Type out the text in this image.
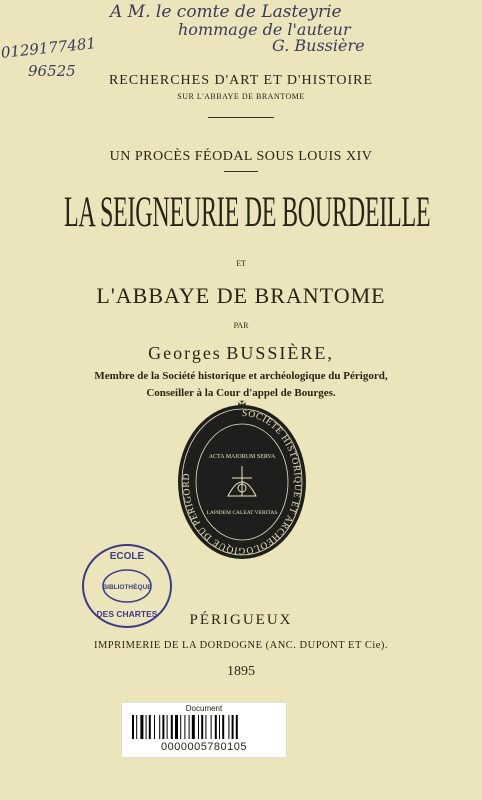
A M. le comte de Lasteyrie
hommage de l'auteur
G. Bussière
0129177481
96525
RECHERCHES D'ART ET D'HISTOIRE
SUR L'ABBAYE DE BRANTOME
UN PROCÈS FÉODAL SOUS LOUIS XIV
LA SEIGNEURIE DE BOURDEILLE
ET
L'ABBAYE DE BRANTOME
PAR
Georges BUSSIÈRE,
Membre de la Société historique et archéologique du Périgord,
Conseiller à la Cour d'appel de Bourges.
SOCIETE HISTORIQUE ET ARCHEOLOGIQUE DU PERIGORD
✠
ACTA MAIORUM SERVA
LAPIDEM CALEAT VERITAS
ECOLE
BIBLIOTHÈQUE
DES CHARTES	PÉRIGUEUX
IMPRIMERIE DE LA DORDOGNE (ANC. DUPONT ET Cie).
1895
Document
0000005780105
